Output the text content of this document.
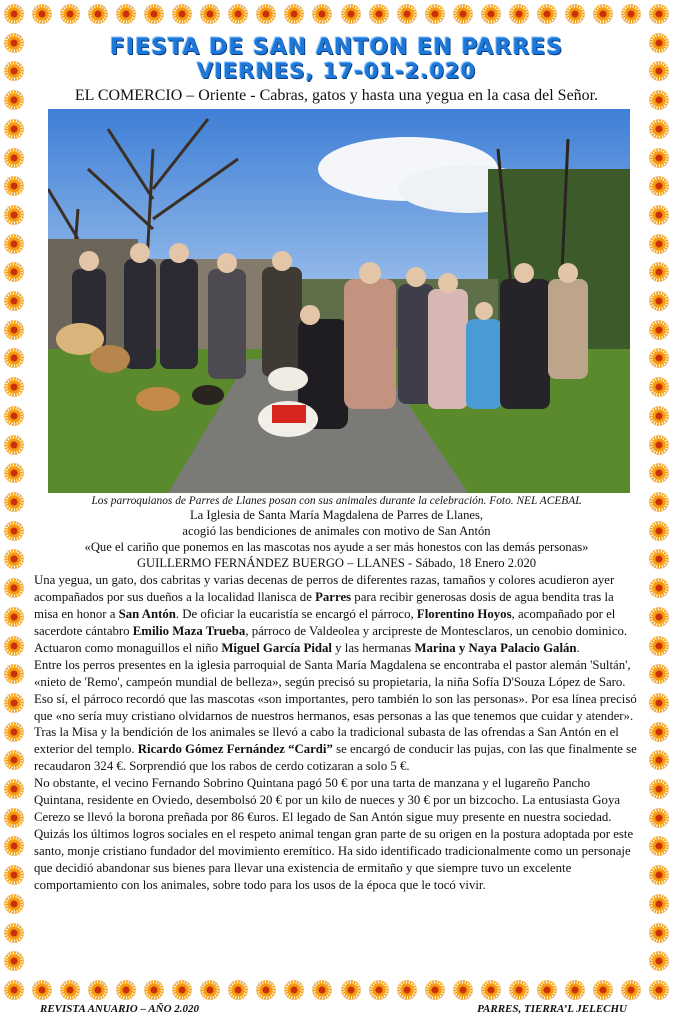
FIESTA DE SAN ANTON EN PARRES
VIERNES, 17-01-2.020
EL COMERCIO – Oriente - Cabras, gatos y hasta una yegua en la casa del Señor.
Los parroquianos de Parres de Llanes posan con sus animales durante la celebración. Foto. NEL ACEBAL
La Iglesia de Santa María Magdalena de Parres de Llanes,
acogió las bendiciones de animales con motivo de San Antón
«Que el cariño que ponemos en las mascotas nos ayude a ser más honestos con las demás personas»
GUILLERMO FERNÁNDEZ BUERGO – LLANES - Sábado, 18 Enero 2.020

Una yegua, un gato, dos cabritas y varias decenas de perros de diferentes razas, tamaños y colores acudieron ayer acompañados por sus dueños a la localidad llanisca de Parres para recibir generosas dosis de agua bendita tras la misa en honor a San Antón. De oficiar la eucaristía se encargó el párroco, Florentino Hoyos, acompañado por el sacerdote cántabro Emilio Maza Trueba, párroco de Valdeolea y arcipreste de Montesclaros, un cenobio dominico. Actuaron como monaguillos el niño Miguel García Pidal y las hermanas Marina y Naya Palacio Galán.

Entre los perros presentes en la iglesia parroquial de Santa María Magdalena se encontraba el pastor alemán 'Sultán', «nieto de 'Remo', campeón mundial de belleza», según precisó su propietaria, la niña Sofía D'Souza López de Saro. Eso sí, el párroco recordó que las mascotas «son importantes, pero también lo son las personas». Por esa línea precisó que «no sería muy cristiano olvidarnos de nuestros hermanos, esas personas a las que tenemos que cuidar y atender». Tras la Misa y la bendición de los animales se llevó a cabo la tradicional subasta de las ofrendas a San Antón en el exterior del templo. Ricardo Gómez Fernández “Cardi” se encargó de conducir las pujas, con las que finalmente se recaudaron 324 €. Sorprendió que los rabos de cerdo cotizaran a solo 5 €.

No obstante, el vecino Fernando Sobrino Quintana pagó 50 € por una tarta de manzana y el lugareño Pancho Quintana, residente en Oviedo, desembolsó 20 € por un kilo de nueces y 30 € por un bizcocho. La entusiasta Goya Cerezo se llevó la borona preñada por 86 €uros. El legado de San Antón sigue muy presente en nuestra sociedad. Quizás los últimos logros sociales en el respeto animal tengan gran parte de su origen en la postura adoptada por este santo, monje cristiano fundador del movimiento eremítico. Ha sido identificado tradicionalmente como un personaje que decidió abandonar sus bienes para llevar una existencia de ermitaño y que siempre tuvo un excelente comportamiento con los animales, sobre todo para los usos de la época que le tocó vivir.

REVISTA ANUARIO – AÑO 2.020	PARRES, TIERRA’L JELECHU
